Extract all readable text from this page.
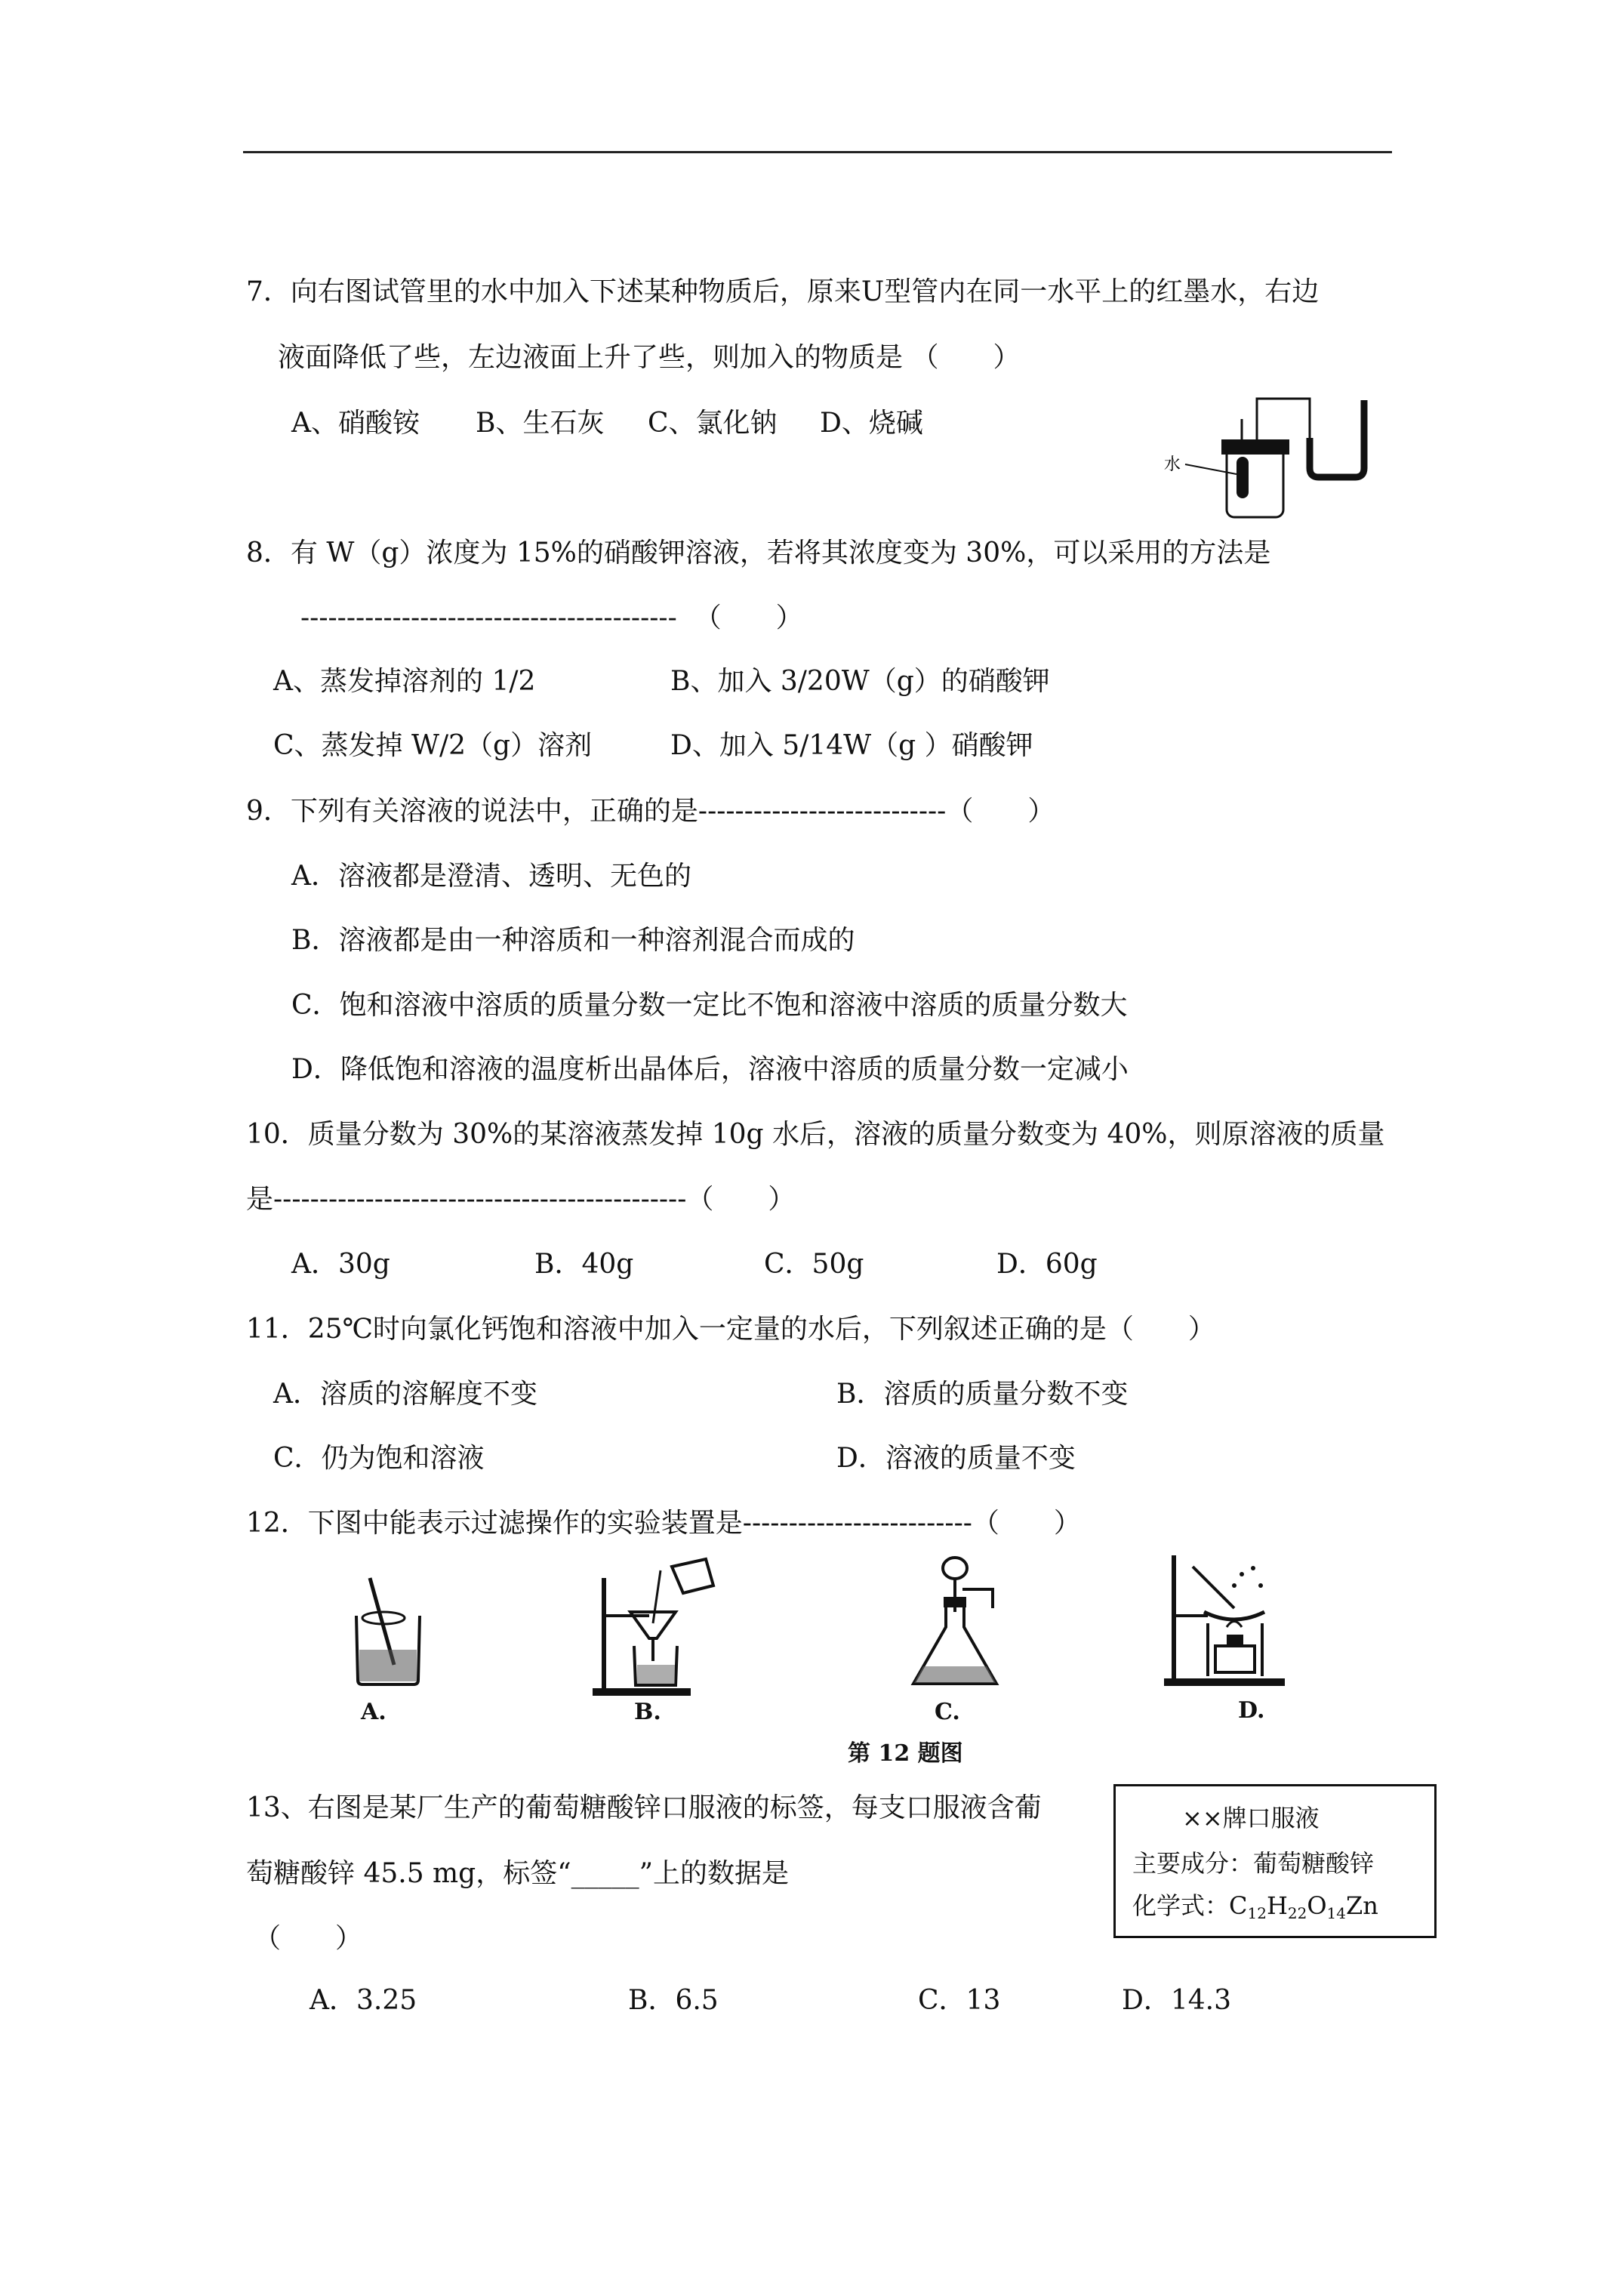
7．向右图试管里的水中加入下述某种物质后，原来U型管内在同一水平上的红墨水，右边
液面降低了些，左边液面上升了些，则加入的物质是 （　　）
A、硝酸铵 B、生石灰 C、氯化钠 D、烧碱
水
8．有 W（g）浓度为 15%的硝酸钾溶液，若将其浓度变为 30%，可以采用的方法是
-----------------------------------------  （　　）
A、蒸发掉溶剂的 1/2	B、加入 3/20W（g）的硝酸钾
C、蒸发掉 W/2（g）溶剂	D、加入 5/14W（g ）硝酸钾
9．下列有关溶液的说法中，正确的是---------------------------（　　）
A．溶液都是澄清、透明、无色的
B．溶液都是由一种溶质和一种溶剂混合而成的
C．饱和溶液中溶质的质量分数一定比不饱和溶液中溶质的质量分数大
D．降低饱和溶液的温度析出晶体后，溶液中溶质的质量分数一定减小
10．质量分数为 30%的某溶液蒸发掉 10g 水后，溶液的质量分数变为 40%，则原溶液的质量
是---------------------------------------------（　　）
A．30g	B．40g	C．50g	D．60g
11．25℃时向氯化钙饱和溶液中加入一定量的水后，下列叙述正确的是（　　）
A．溶质的溶解度不变	B．溶质的质量分数不变
C．仍为饱和溶液	D．溶液的质量不变
12．下图中能表示过滤操作的实验装置是-------------------------（　　）
A.	B.	C.	D.
第 12 题图
13、右图是某厂生产的葡萄糖酸锌口服液的标签，每支口服液含葡
萄糖酸锌 45.5 mg，标签“_____”上的数据是
（　　）
A．3.25	B．6.5	C．13	D．14.3
××牌口服液
主要成分：葡萄糖酸锌
化学式：$C_{12}H_{22}O_{14}Zn$
